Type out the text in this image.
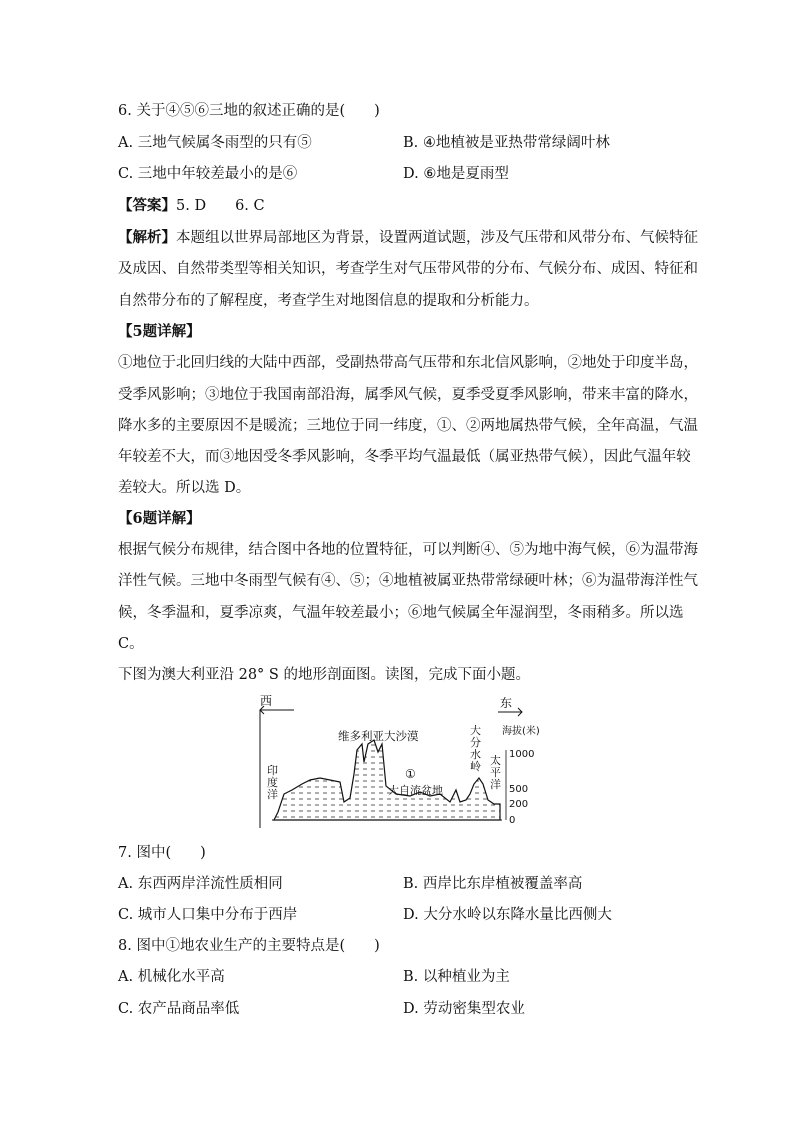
6. 关于④⑤⑥三地的叙述正确的是(　　)
A. 三地气候属冬雨型的只有⑤	B. ④地植被是亚热带常绿阔叶林
C. 三地中年较差最小的是⑥	D. ⑥地是夏雨型
【答案】5. D　　6. C
【解析】本题组以世界局部地区为背景，设置两道试题，涉及气压带和风带分布、气候特征
及成因、自然带类型等相关知识，考查学生对气压带风带的分布、气候分布、成因、特征和
自然带分布的了解程度，考查学生对地图信息的提取和分析能力。
【5题详解】
①地位于北回归线的大陆中西部，受副热带高气压带和东北信风影响，②地处于印度半岛，
受季风影响；③地位于我国南部沿海，属季风气候，夏季受夏季风影响，带来丰富的降水，
降水多的主要原因不是暖流；三地位于同一纬度，①、②两地属热带气候，全年高温，气温
年较差不大，而③地因受冬季风影响，冬季平均气温最低（属亚热带气候），因此气温年较
差较大。所以选 D。
【6题详解】
根据气候分布规律，结合图中各地的位置特征，可以判断④、⑤为地中海气候，⑥为温带海
洋性气候。三地中冬雨型气候有④、⑤；④地植被属亚热带常绿硬叶林；⑥为温带海洋性气
候，冬季温和，夏季凉爽，气温年较差最小；⑥地气候属全年湿润型，冬雨稍多。所以选
C。
下图为澳大利亚沿 28° S 的地形剖面图。读图，完成下面小题。
西	东
维多利亚大沙漠
①
大自流盆地
大分水岭
印度洋
太平洋
海拔(米)
1000
500
200
0
7. 图中(　　)
A. 东西两岸洋流性质相同	B. 西岸比东岸植被覆盖率高
C. 城市人口集中分布于西岸	D. 大分水岭以东降水量比西侧大
8. 图中①地农业生产的主要特点是(　　)
A. 机械化水平高	B. 以种植业为主
C. 农产品商品率低	D. 劳动密集型农业
